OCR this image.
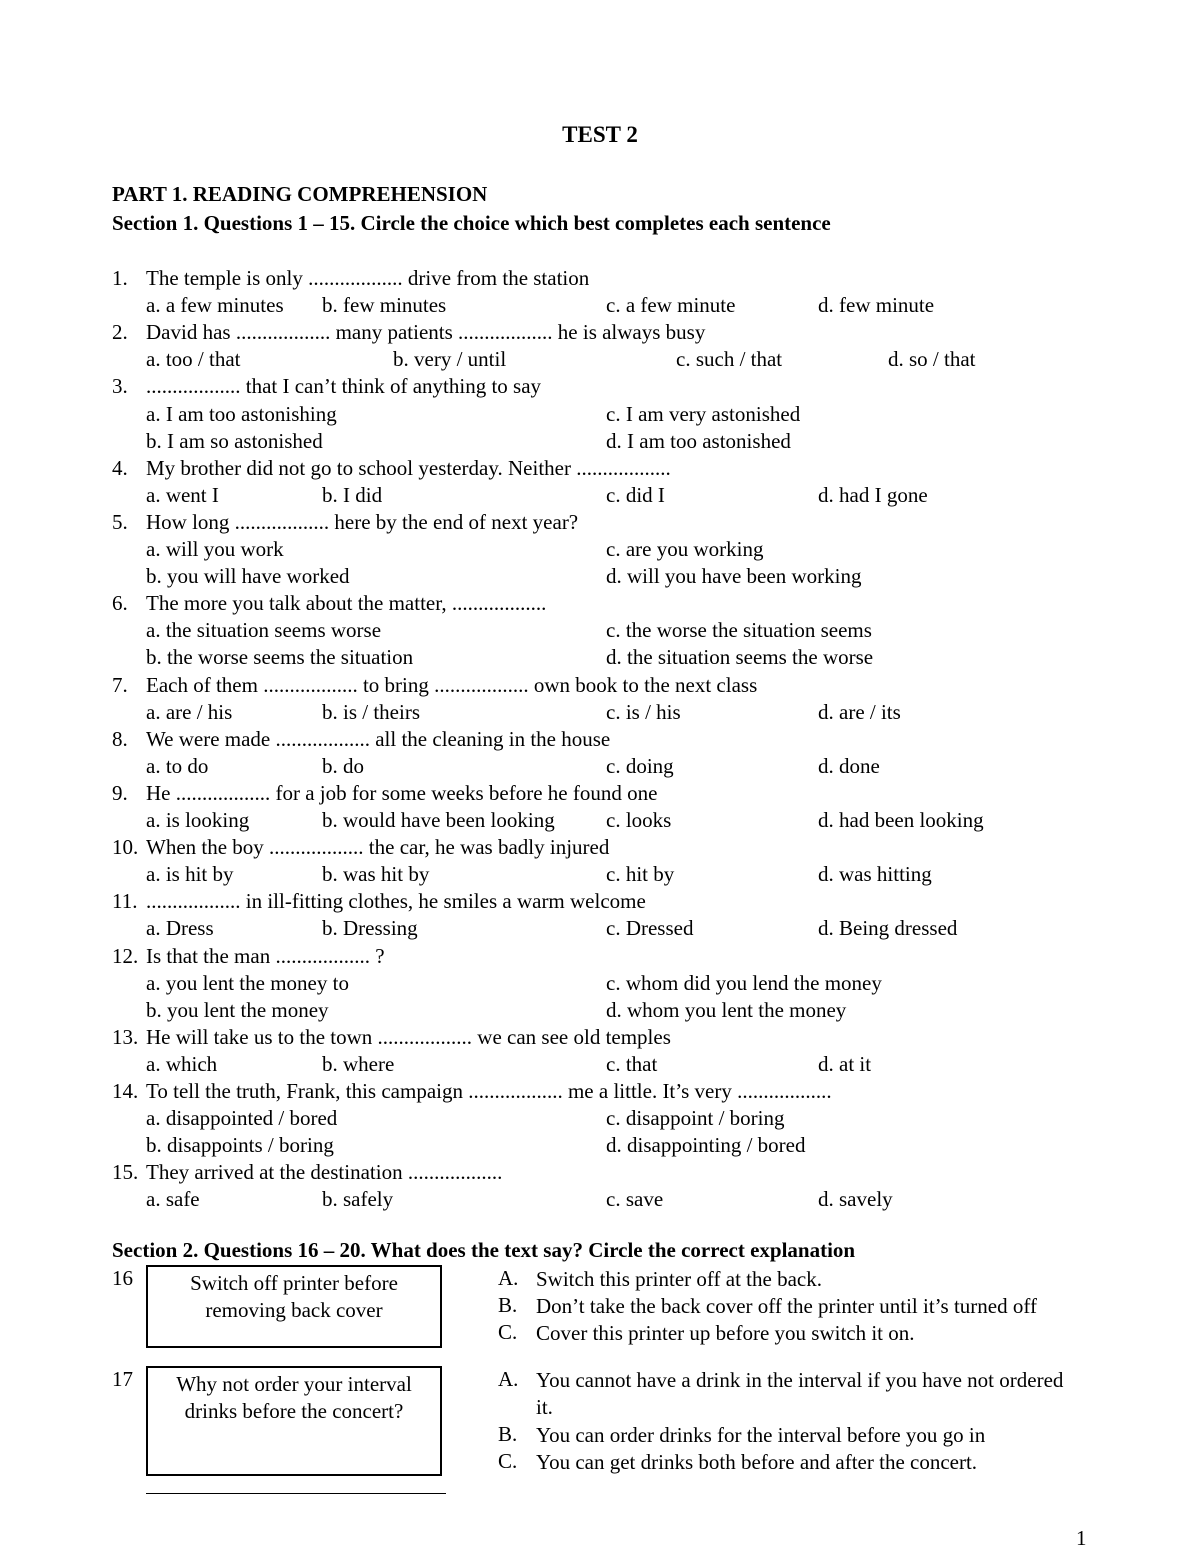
TEST 2
PART 1. READING COMPREHENSION
Section 1. Questions 1 – 15. Circle the choice which best completes each sentence
1. The temple is only .................. drive from the station
a. a few minutes b. few minutes	c. a few minute	d. few minute
2. David has .................. many patients .................. he is always busy
a. too / that	b. very / until	c. such / that	d. so / that
3. .................. that I can’t think of anything to say
a. I am too astonishing	c. I am very astonished
b. I am so astonished	d. I am too astonished
4. My brother did not go to school yesterday. Neither ..................
a. went I	b. I did	c. did I	d. had I gone
5. How long .................. here by the end of next year?
a. will you work	c. are you working
b. you will have worked	d. will you have been working
6. The more you talk about the matter, ..................
a. the situation seems worse	c. the worse the situation seems
b. the worse seems the situation	d. the situation seems the worse
7. Each of them .................. to bring .................. own book to the next class
a. are / his	b. is / theirs	c. is / his	d. are / its
8. We were made .................. all the cleaning in the house
a. to do	b. do	c. doing	d. done
9. He .................. for a job for some weeks before he found one
a. is looking	b. would have been looking c. looks	d. had been looking
10. When the boy .................. the car, he was badly injured
a. is hit by	b. was hit by	c. hit by	d. was hitting
11. .................. in ill-fitting clothes, he smiles a warm welcome
a. Dress	b. Dressing	c. Dressed	d. Being dressed
12. Is that the man .................. ?
a. you lent the money to	c. whom did you lend the money
b. you lent the money	d. whom you lent the money
13. He will take us to the town .................. we can see old temples
a. which	b. where	c. that	d. at it
14. To tell the truth, Frank, this campaign .................. me a little. It’s very ..................
a. disappointed / bored	c. disappoint / boring
b. disappoints / boring	d. disappointing / bored
15. They arrived at the destination ..................
a. safe	b. safely	c. save	d. savely
Section 2. Questions 16 – 20. What does the text say? Circle the correct explanation
16	Switch off printer before
removing back cover
A. Switch this printer off at the back.
B. Don’t take the back cover off the printer until it’s turned off
C. Cover this printer up before you switch it on.
17	Why not order your interval
drinks before the concert?
A. You cannot have a drink in the interval if you have not ordered it.
B. You can order drinks for the interval before you go in
C. You can get drinks both before and after the concert.
1
